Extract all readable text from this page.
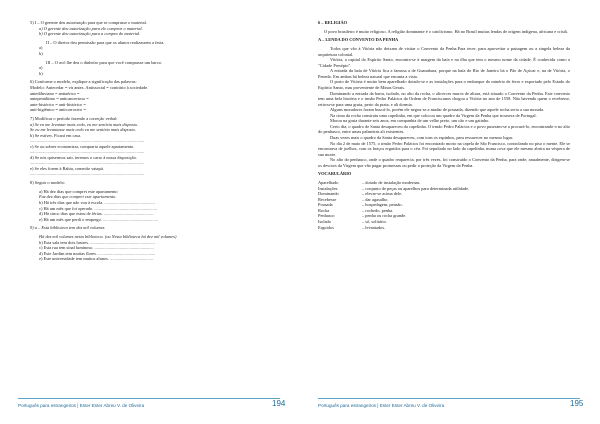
5) I – O gerente deu autorização para que se comprasse o material.
a) O gerente deu autorização para ele comprar o material.
b) O gerente deu autorização para a compra do material.
II – O diretor deu permissão para que os alunos realizassem a festa.
a)
b)
III – O avô lhe deu o dinheiro para que você comprasse um barco.
a)
b)
6) Conforme o modelo, explique a significação das palavras:
Modelo: Antecedar = vir antes. Antissocial = contrário à sociedade.
antediluviano = antiaérico =
antepenúltimo = anticancerioso =
ante-histórico = anti-histórico =
anti-higiênico = anticorrosivo =
7) Modificar o período fazendo a correção verbal:
a) Se eu me levantar mais cedo, eu me sentiria mais disposto.
Se eu me levantasse mais cedo eu me sentiria mais disposto.
b) Se estiver, Ficará em casa.
........................................................................................................
c) Se ou sobrer economizar, compraria aquele apartamento.
........................................................................................................
d) Se nós quisermos sair, teremos o carro à nossa disposição.
........................................................................................................
e) Se eles forem à Bahia, comerão vatapá.
........................................................................................................
8) Seguir o modelo:
a) Há dez dias que comprei este apartamento
Faz dez dias que comprei este apartamento.
b) Há três dias que não vou à escola. ..............................................
c) Há um mês que foi operado. .........................................................
d) Há cinco dias que estou de férias. .............................................
e) Há um mês que perdi o emprego. ..................................................
9) a – Esta biblioteca tem dez mil volumes.
Há dez mil volumes nesta biblioteca. (ou Nesta biblioteca há dez mil volumes)
b) Esta sala tem dois lustres. ...........................................................
c) Esta rua tem sinal luminoso. ......................................................
d) Este Jardim tem muitas flores. ....................................................
e) Este universidade tem muitos alunos. .......................................
Português para estrangeiros | Ester Ester Abreu V. de Oliveira	194
6 – RELIGIÃO
O povo brasileiro é muito religioso. A religião dominante é o catolicismo. Há no Brasil muitas lendas de origem indígena, africana e cristã.
A – LENDA DO CONVENTO DA PENHA
Todos que vão à Vitória não deixam de visitar o Convento da Penha.Para tecer, para aproveitar a paisagem ou a singela beleza da arquitetura colonial.
Vitória, a capital do Espírito Santo, encontra-se à margem da baía e na ilha que tem o mesmo nome da cidade. É conhecida como a "Cidade Presépio".
A entrada da baía de Vitória fica a famosa a de Guanabara, porque na baía do Rio de Janeiro há o Pão de Açúcar e, na de Vitória, o Penedo. Em ambas há beleza natural que encanta a vista.
O porto de Vitória é muito bem aparelhado dotado-se e as instalações para o embarque do minério de ferro e exportado pelo Estado do Espírito Santo, mas proveniente de Minas Gerais.
Dominando a entrada da barra, isolado, no alto da rocha, o alicerces muros de altura, está situado o Convento da Penha. Este convento tem uma bela história e o irmão Pedro Palácios da Ordem de Franciscanos chegou a Vitória no ano de 1558. Não havendo quem o recebesse, retirou-se para uma gruta, perto da praia, e ali dormia.
Alguns moradores foram buscá-lo, porém ele negou-se a mudar de pousada, dizendo que aquele rocha seria a sua morada.
Na cima da rocha construiu uma capelinha, em que colocou um quadro da Virgem da Penha que trouxera de Portugal.
Morou na gruta durante seis anos, em companhia de um velho preto, um cão e um gatinho.
Certo dia, o quadro de Santa desapareceu da capelinha. O irmão Pedro Palácios e o povo puseram-se a procurá-lo, encontrando-o no alto do penhasco, entre umas palmeiras ali existentes.
Duas vezes mais o quadro da Santa desapareceu, com tons os espinhos, para ressurecer no mesmo lugar.
No dia 2 de maio de 1575, o irmão Pedro Palácios foi encontrado morto na capela de São Francisco, controlando no piso o mente. Ele se encontrava de joelhos, com os braços erguidos para o céu. Foi sepultado no lado da capelinha, numa cova que ele mesmo abrira na véspera de sua morte.
No alto do penhasco, onde o quadro reaparecia, por três vezes, foi construído o Convento da Penha, para onde, anualmente, dirigem-se os devotos da Virgem que vão pagar promessas ou pedir a proteção da Virgem da Penha.
VOCABULÁRIO
Aparelhado	– dotado de instalação modernas.
Instalações	– conjunto de peças ou aparelhos para determinada utilidade.
Dominando	– elevar-se acima dele.
Recebesse	– dar agasalho.
Pousada	– hospedagem, pensão.
Rocha	– rochedo, penha.
Penhasco	– penha ou rocha grande.
Isolado	– só, solitário.
Erguidos	– levantados.
Português para estrangeiros | Ester Ester Abreu V. de Oliveira	195
